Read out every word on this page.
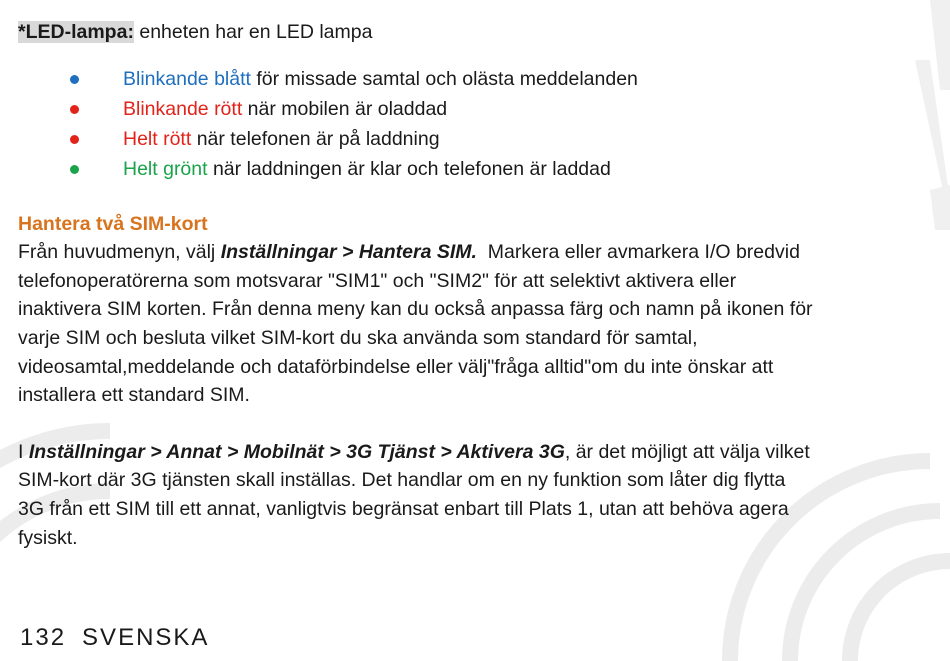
*LED-lampa: enheten har en LED lampa
Blinkande blått för missade samtal och olästa meddelanden
Blinkande rött när mobilen är oladdad
Helt rött när telefonen är på laddning
Helt grönt när laddningen är klar och telefonen är laddad
Hantera två SIM-kort
Från huvudmenyn, välj Inställningar > Hantera SIM.  Markera eller avmarkera I/O bredvid
telefonoperatörerna som motsvarar "SIM1" och "SIM2" för att selektivt aktivera eller
inaktivera SIM korten. Från denna meny kan du också anpassa färg och namn på ikonen för
varje SIM och besluta vilket SIM-kort du ska använda som standard för samtal,
videosamtal,meddelande och dataförbindelse eller välj"fråga alltid"om du inte önskar att
installera ett standard SIM.
I Inställningar > Annat > Mobilnät > 3G Tjänst > Aktivera 3G, är det möjligt att välja vilket
SIM-kort där 3G tjänsten skall inställas. Det handlar om en ny funktion som låter dig flytta
3G från ett SIM till ett annat, vanligtvis begränsat enbart till Plats 1, utan att behöva agera
fysiskt.
132 SVENSKA
